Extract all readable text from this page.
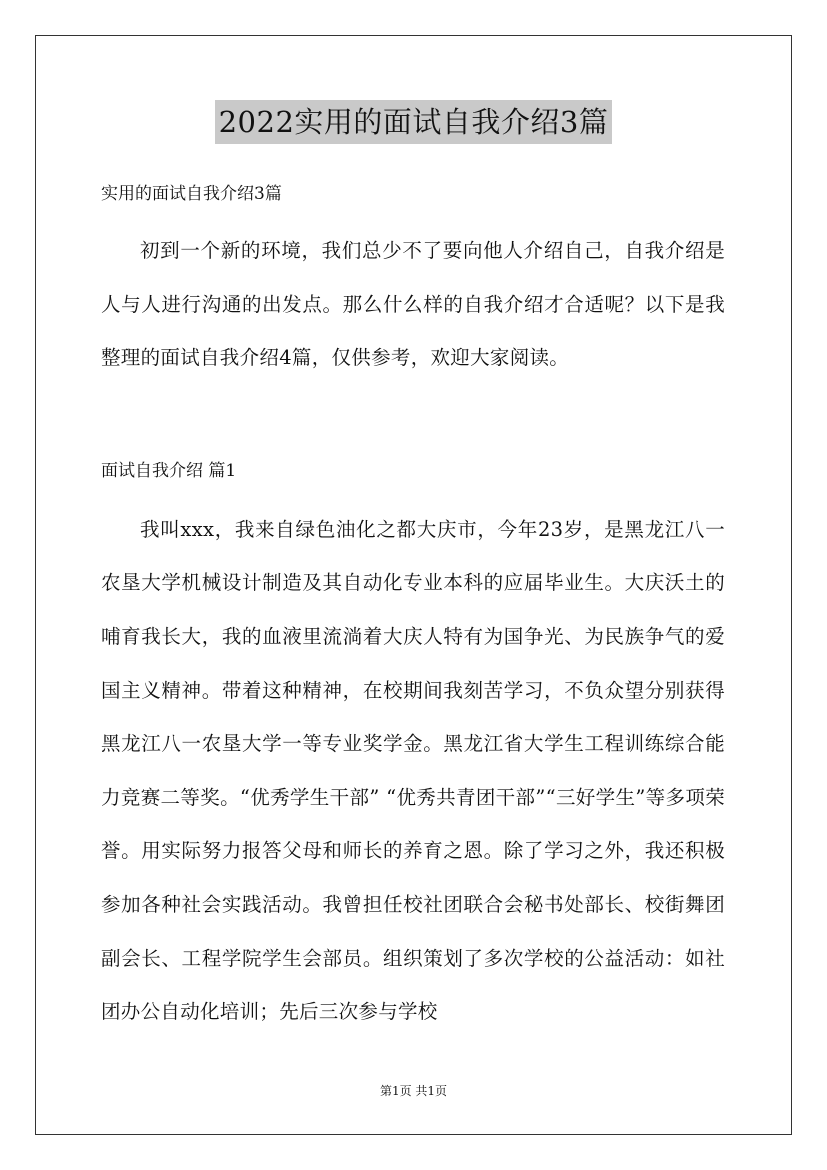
2022实用的面试自我介绍3篇

实用的面试自我介绍3篇

初到一个新的环境，我们总少不了要向他人介绍自己，自我介绍是人与人进行沟通的出发点。那么什么样的自我介绍才合适呢？以下是我整理的面试自我介绍4篇，仅供参考，欢迎大家阅读。

面试自我介绍 篇1

我叫xxx，我来自绿色油化之都大庆市，今年23岁，是黑龙江八一农垦大学机械设计制造及其自动化专业本科的应届毕业生。大庆沃土的哺育我长大，我的血液里流淌着大庆人特有为国争光、为民族争气的爱国主义精神。带着这种精神，在校期间我刻苦学习，不负众望分别获得黑龙江八一农垦大学一等专业奖学金。黑龙江省大学生工程训练综合能力竞赛二等奖。“优秀学生干部” “优秀共青团干部”“三好学生”等多项荣誉。用实际努力报答父母和师长的养育之恩。除了学习之外，我还积极参加各种社会实践活动。我曾担任校社团联合会秘书处部长、校街舞团副会长、工程学院学生会部员。组织策划了多次学校的公益活动：如社团办公自动化培训；先后三次参与学校

第1页 共1页
